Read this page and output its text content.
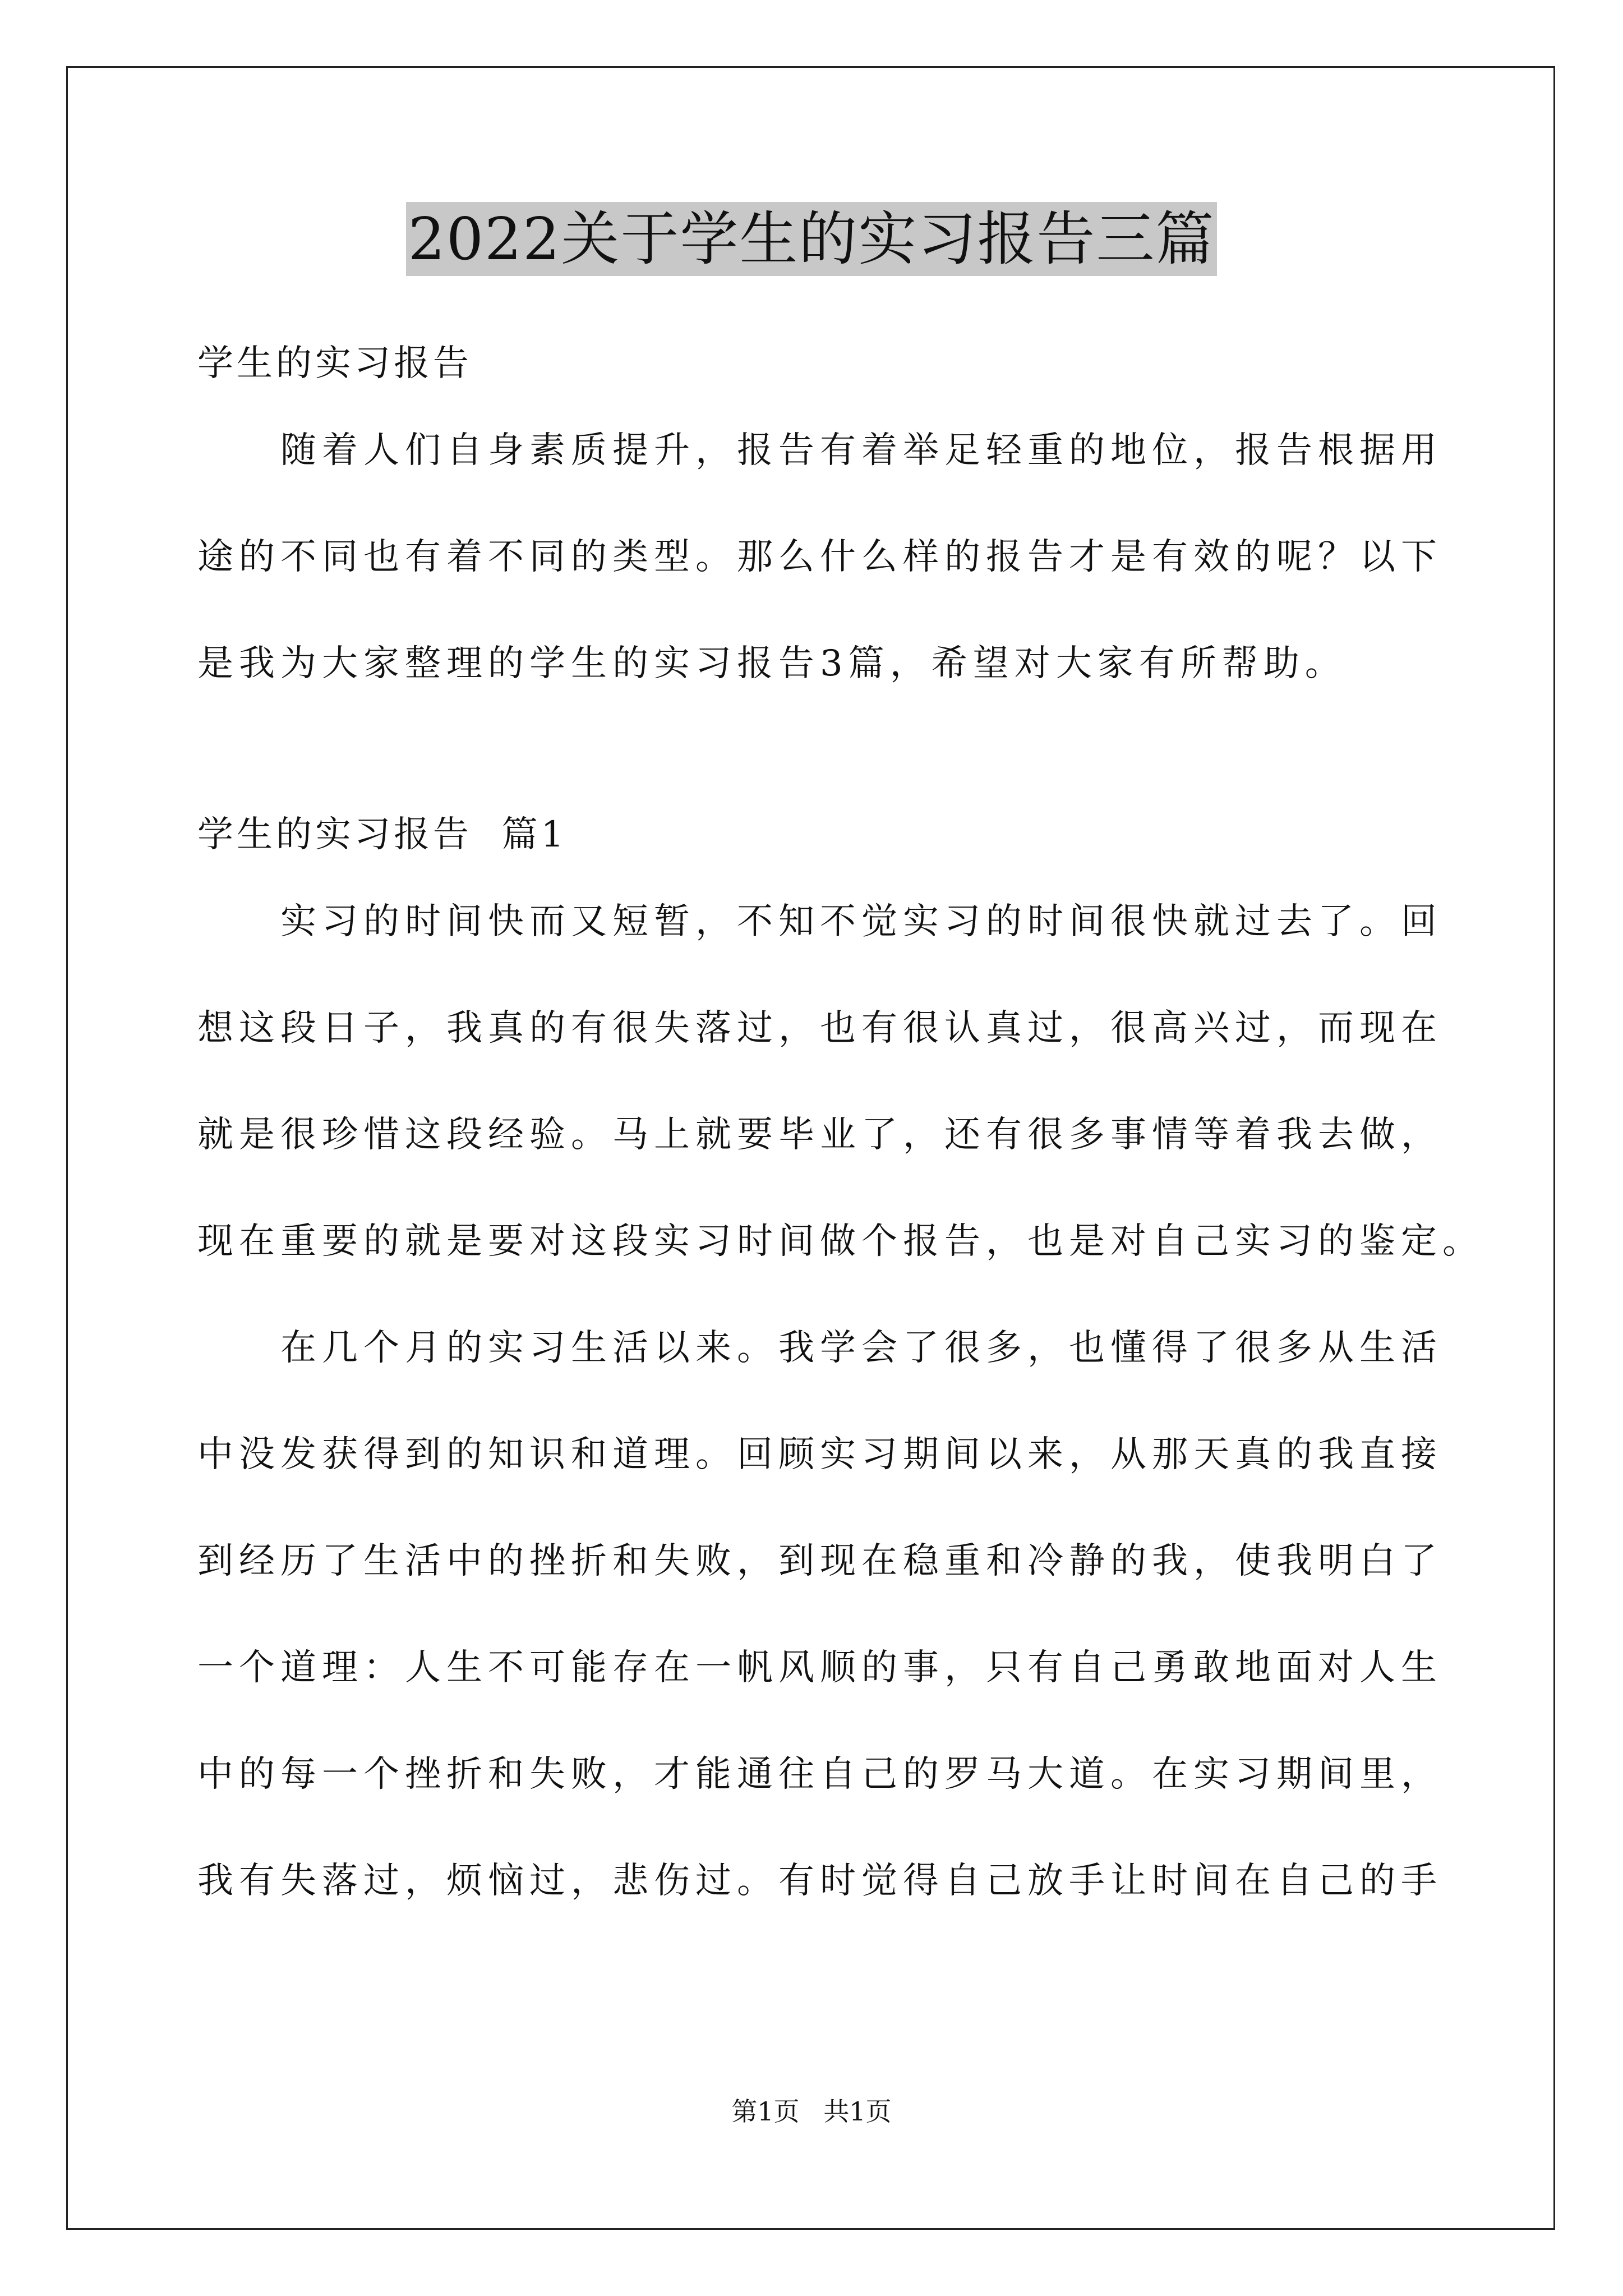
2022关于学生的实习报告三篇

学生的实习报告

随着人们自身素质提升，报告有着举足轻重的地位，报告根据用
途的不同也有着不同的类型。那么什么样的报告才是有效的呢？以下
是我为大家整理的学生的实习报告3篇，希望对大家有所帮助。

学生的实习报告  篇1

实习的时间快而又短暂，不知不觉实习的时间很快就过去了。回
想这段日子，我真的有很失落过，也有很认真过，很高兴过，而现在
就是很珍惜这段经验。马上就要毕业了，还有很多事情等着我去做，
现在重要的就是要对这段实习时间做个报告，也是对自己实习的鉴定。
在几个月的实习生活以来。我学会了很多，也懂得了很多从生活
中没发获得到的知识和道理。回顾实习期间以来，从那天真的我直接
到经历了生活中的挫折和失败，到现在稳重和冷静的我，使我明白了
一个道理：人生不可能存在一帆风顺的事，只有自己勇敢地面对人生
中的每一个挫折和失败，才能通往自己的罗马大道。在实习期间里，
我有失落过，烦恼过，悲伤过。有时觉得自己放手让时间在自己的手
第1页 共1页
